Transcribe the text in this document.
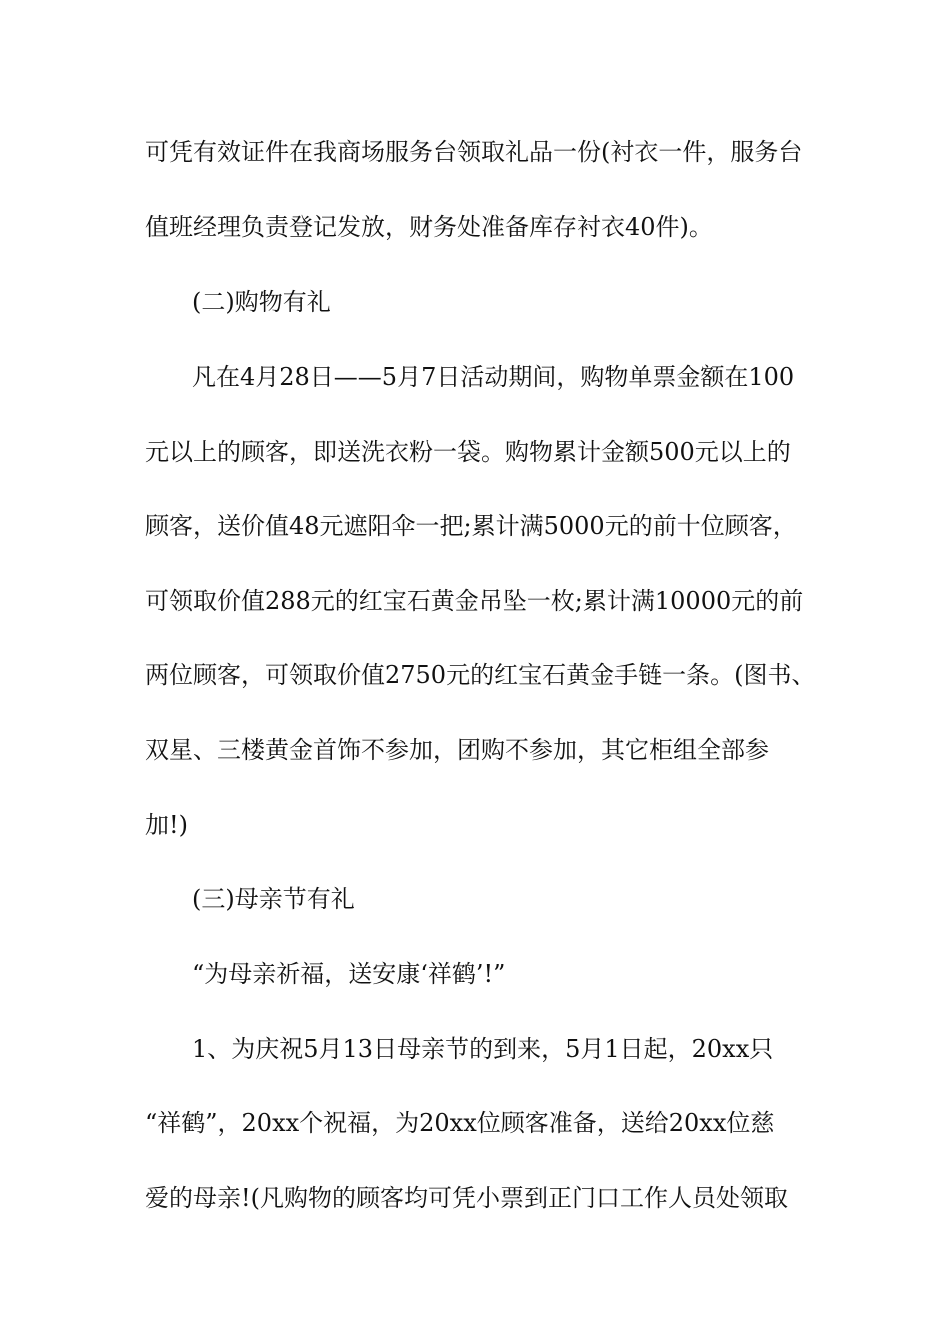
可凭有效证件在我商场服务台领取礼品一份(衬衣一件，服务台
值班经理负责登记发放，财务处准备库存衬衣40件)。
(二)购物有礼
凡在4月28日——5月7日活动期间，购物单票金额在100
元以上的顾客，即送洗衣粉一袋。购物累计金额500元以上的
顾客，送价值48元遮阳伞一把;累计满5000元的前十位顾客，
可领取价值288元的红宝石黄金吊坠一枚;累计满10000元的前
两位顾客，可领取价值2750元的红宝石黄金手链一条。(图书、
双星、三楼黄金首饰不参加，团购不参加，其它柜组全部参
加!)
(三)母亲节有礼
“为母亲祈福，送安康‘祥鹤’!”
1、为庆祝5月13日母亲节的到来，5月1日起，20xx只
“祥鹤”，20xx个祝福，为20xx位顾客准备，送给20xx位慈
爱的母亲!(凡购物的顾客均可凭小票到正门口工作人员处领取
